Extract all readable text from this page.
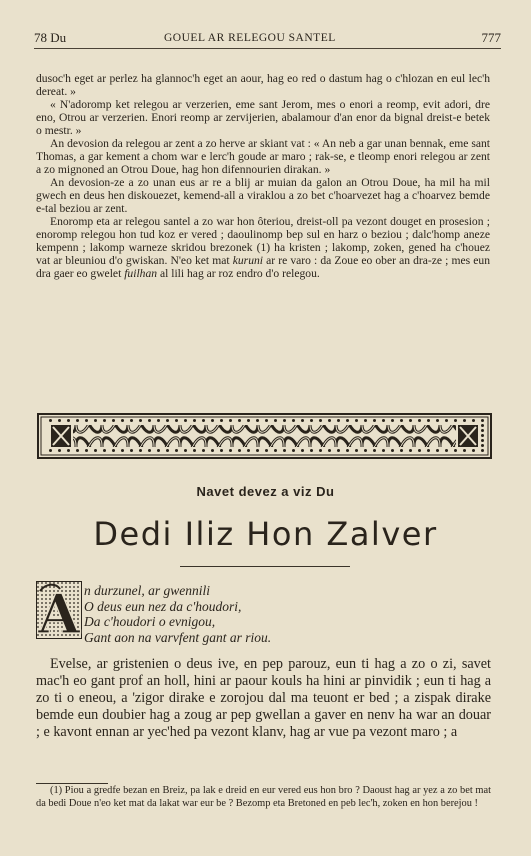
78 Du	GOUEL AR RELEGOU SANTEL	777

dusoc'h eget ar perlez ha glannoc'h eget an aour, hag eo red o dastum hag o c'hlozan en eul lec'h dereat. »

« N'adoromp ket relegou ar verzerien, eme sant Jerom, mes o enori a reomp, evit adori, dre eno, Otrou ar verzerien. Enori reomp ar zervijerien, abalamour d'an enor da bignal dreist-e betek o mestr. »

An devosion da relegou ar zent a zo herve ar skiant vat : « An neb a gar unan bennak, eme sant Thomas, a gar kement a chom war e lerc'h goude ar maro ; rak-se, e tleomp enori relegou ar zent a zo mignoned an Otrou Doue, hag hon difennourien dirakan. »

An devosion-ze a zo unan eus ar re a blij ar muian da galon an Otrou Doue, ha mil ha mil gwech en deus hen diskouezet, kemend-all a viraklou a zo bet c'hoarvezet hag a c'hoarvez bemde e-tal beziou ar zent.

Enoromp eta ar relegou santel a zo war hon ôteriou, dreist-oll pa vezont douget en prosesion ; enoromp relegou hon tud koz er vered ; daoulinomp bep sul en harz o beziou ; dalc'homp aneze kempenn ; lakomp warneze skridou brezonek (1) ha kristen ; lakomp, zoken, gened ha c'houez vat ar bleuniou d'o gwiskan. N'eo ket mat kuruni ar re varo : da Zoue eo ober an dra-ze ; mes eun dra gaer eo gwelet fuilhan al lili hag ar roz endro d'o relegou.

Navet devez a viz Du
Dedi Iliz Hon Zalver
A n durzunel, ar gwennili
O deus eun nez da c'houdori,
Da c'houdori o evnigou,
Gant aon na varvfent gant ar riou.

Evelse, ar gristenien o deus ive, en pep parouz, eun ti hag a zo o zi, savet mac'h eo gant prof an holl, hini ar paour kouls ha hini ar pinvidik ; eun ti hag a zo ti o eneou, a 'zigor dirake e zorojou dal ma teuont er bed ; a zispak dirake bemde eun doubier hag a zoug ar pep gwellan a gaver en nenv ha war an douar ; e kavont ennan ar yec'hed pa vezont klanv, hag ar vue pa vezont maro ; a

(1) Piou a gredfe bezan en Breiz, pa lak e dreid en eur vered eus hon bro ? Daoust hag ar yez a zo bet mat da bedi Doue n'eo ket mat da lakat war eur be ? Bezomp eta Bretoned en peb lec'h, zoken en hon berejou !
